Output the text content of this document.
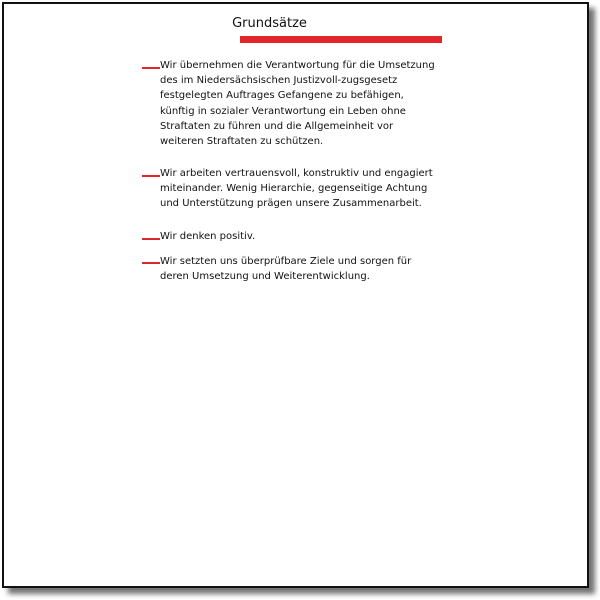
Grundsätze
Wir übernehmen die Verantwortung für die Umsetzung des im Niedersächsischen Justizvoll-zugsgesetz festgelegten Auftrages Gefangene zu befähigen, künftig in sozialer Verantwortung ein Leben ohne Straftaten zu führen und die Allgemeinheit vor weiteren Straftaten zu schützen.
Wir arbeiten vertrauensvoll, konstruktiv und engagiert miteinander. Wenig Hierarchie, gegenseitige Achtung und Unterstützung prägen unsere Zusammenarbeit.
Wir denken positiv.
Wir setzten uns überprüfbare Ziele und sorgen für deren Umsetzung und Weiterentwicklung.
